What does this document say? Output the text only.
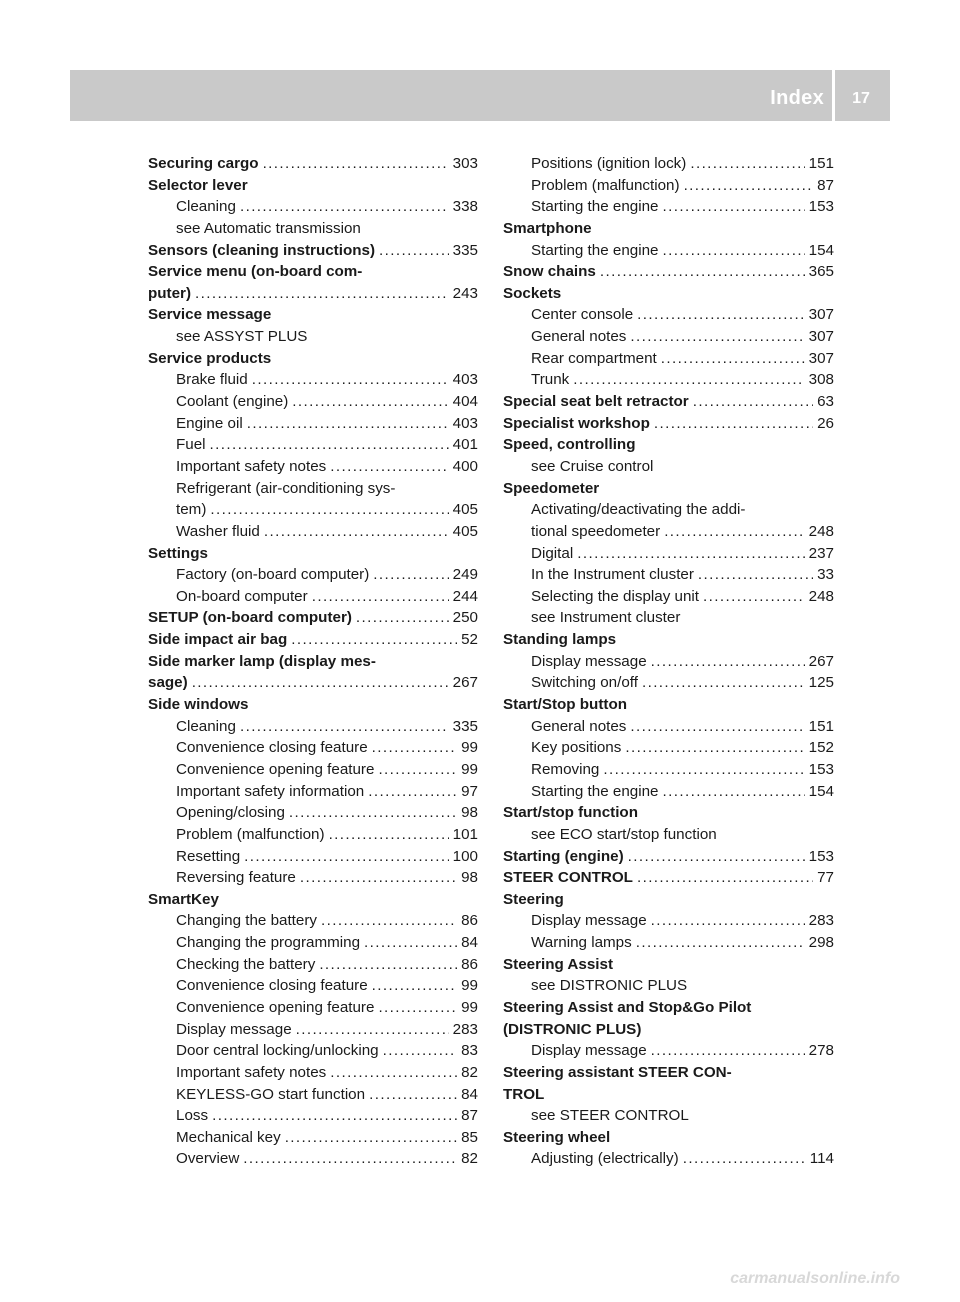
Index	17
Securing cargo .....	303
Selector lever
Cleaning .....	338
see Automatic transmission
Sensors (cleaning instructions) .....	335
Service menu (on-board com-
puter) .....	243
Service message
see ASSYST PLUS
Service products
Brake fluid .....	403
Coolant (engine) .....	404
Engine oil .....	403
Fuel .....	401
Important safety notes .....	400
Refrigerant (air-conditioning sys-
tem) .....	405
Washer fluid .....	405
Settings
Factory (on-board computer) .....	249
On-board computer .....	244
SETUP (on-board computer) .....	250
Side impact air bag .....	52
Side marker lamp (display mes-
sage) .....	267
Side windows
Cleaning .....	335
Convenience closing feature .....	99
Convenience opening feature .....	99
Important safety information .....	97
Opening/closing .....	98
Problem (malfunction) .....	101
Resetting .....	100
Reversing feature .....	98
SmartKey
Changing the battery .....	86
Changing the programming .....	84
Checking the battery .....	86
Convenience closing feature .....	99
Convenience opening feature .....	99
Display message .....	283
Door central locking/unlocking .....	83
Important safety notes .....	82
KEYLESS-GO start function .....	84
Loss .....	87
Mechanical key .....	85
Overview .....	82
Positions (ignition lock) .....	151
Problem (malfunction) .....	87
Starting the engine .....	153
Smartphone
Starting the engine .....	154
Snow chains .....	365
Sockets
Center console .....	307
General notes .....	307
Rear compartment .....	307
Trunk .....	308
Special seat belt retractor .....	63
Specialist workshop .....	26
Speed, controlling
see Cruise control
Speedometer
Activating/deactivating the addi-
tional speedometer .....	248
Digital .....	237
In the Instrument cluster .....	33
Selecting the display unit .....	248
see Instrument cluster
Standing lamps
Display message .....	267
Switching on/off .....	125
Start/Stop button
General notes .....	151
Key positions .....	152
Removing .....	153
Starting the engine .....	154
Start/stop function
see ECO start/stop function
Starting (engine) .....	153
STEER CONTROL .....	77
Steering
Display message .....	283
Warning lamps .....	298
Steering Assist
see DISTRONIC PLUS
Steering Assist and Stop&Go Pilot
(DISTRONIC PLUS)
Display message .....	278
Steering assistant STEER CON-
TROL
see STEER CONTROL
Steering wheel
Adjusting (electrically) .....	114
carmanualsonline.info
